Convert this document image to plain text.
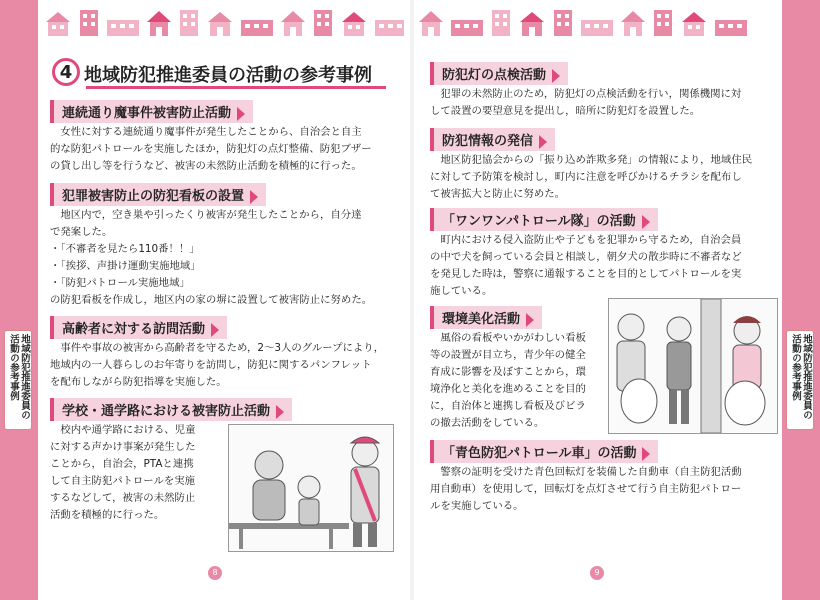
地域防犯推進委員の活動の参考事例	地域防犯推進委員の活動の参考事例
4 地域防犯推進委員の活動の参考事例
連続通り魔事件被害防止活動

　女性に対する連続通り魔事件が発生したことから、自治会と自主

的な防犯パトロールを実施したほか，防犯灯の点灯整備、防犯ブザー

の貸し出し等を行うなど、被害の未然防止活動を積極的に行った。

犯罪被害防止の防犯看板の設置

　地区内で，空き巣や引ったくり被害が発生したことから，自分達

で発案した。

・「不審者を見たら110番！！」
・「挨拶、声掛け運動実施地域」
・「防犯パトロール実施地域」

の防犯看板を作成し，地区内の家の塀に設置して被害防止に努めた。

高齢者に対する訪問活動

　事件や事故の被害から高齢者を守るため，2～3人のグループにより，

地域内の一人暮らしのお年寄りを訪問し，防犯に関するパンフレット

を配布しながら防犯指導を実施した。

学校・通学路における被害防止活動

　校内や通学路における、児童

に対する声かけ事案が発生した

ことから，自治会，PTAと連携

して自主防犯パトロールを実施

するなどして，被害の未然防止

活動を積極的に行った。

8
防犯灯の点検活動

　犯罪の未然防止のため，防犯灯の点検活動を行い，関係機関に対

して設置の要望意見を提出し，暗所に防犯灯を設置した。

防犯情報の発信

　地区防犯協会からの「振り込め詐欺多発」の情報により，地域住民

に対して予防策を検討し，町内に注意を呼びかけるチラシを配布し

て被害拡大と防止に努めた。

「ワンワンパトロール隊」の活動

　町内における侵入盗防止や子どもを犯罪から守るため，自治会員

の中で犬を飼っている会員と相談し，朝夕犬の散歩時に不審者など

を発見した時は，警察に通報することを目的としてパトロールを実

施している。

環境美化活動

　風俗の看板やいかがわしい看板

等の設置が目立ち，青少年の健全

育成に影響を及ぼすことから，環

境浄化と美化を進めることを目的

に，自治体と連携し看板及びビラ

の撤去活動をしている。

「青色防犯パトロール車」の活動

　警察の証明を受けた青色回転灯を装備した自動車（自主防犯活動

用自動車）を使用して，回転灯を点灯させて行う自主防犯パトロー

ルを実施している。

9
